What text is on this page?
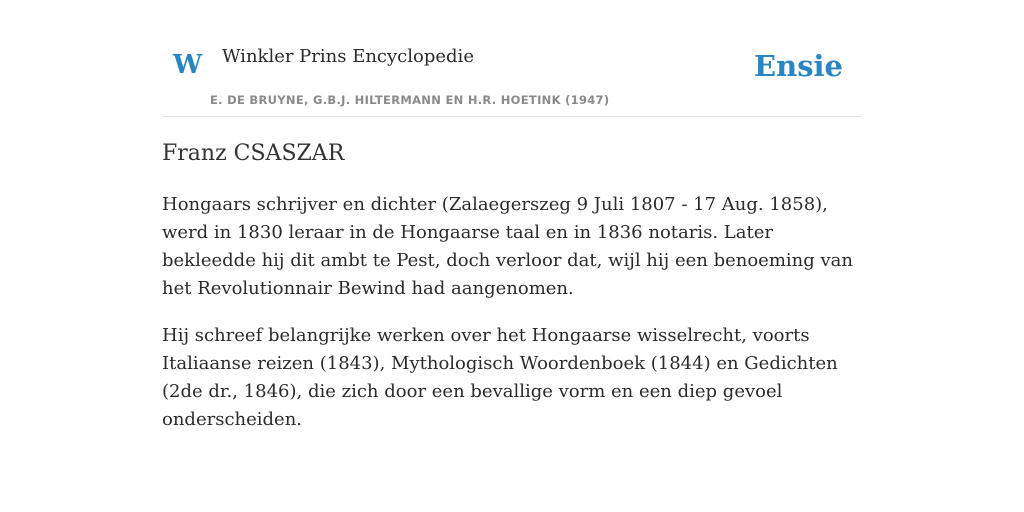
W Winkler Prins Encyclopedie
E. DE BRUYNE, G.B.J. HILTERMANN EN H.R. HOETINK (1947)
Ensie
Franz CSASZAR

Hongaars schrijver en dichter (Zalaegerszeg 9 Juli 1807 - 17 Aug. 1858), werd in 1830 leraar in de Hongaarse taal en in 1836 notaris. Later bekleedde hij dit ambt te Pest, doch verloor dat, wijl hij een benoeming van het Revolutionnair Bewind had aangenomen.

Hij schreef belangrijke werken over het Hongaarse wisselrecht, voorts Italiaanse reizen (1843), Mythologisch Woordenboek (1844) en Gedichten (2de dr., 1846), die zich door een bevallige vorm en een diep gevoel onderscheiden.
